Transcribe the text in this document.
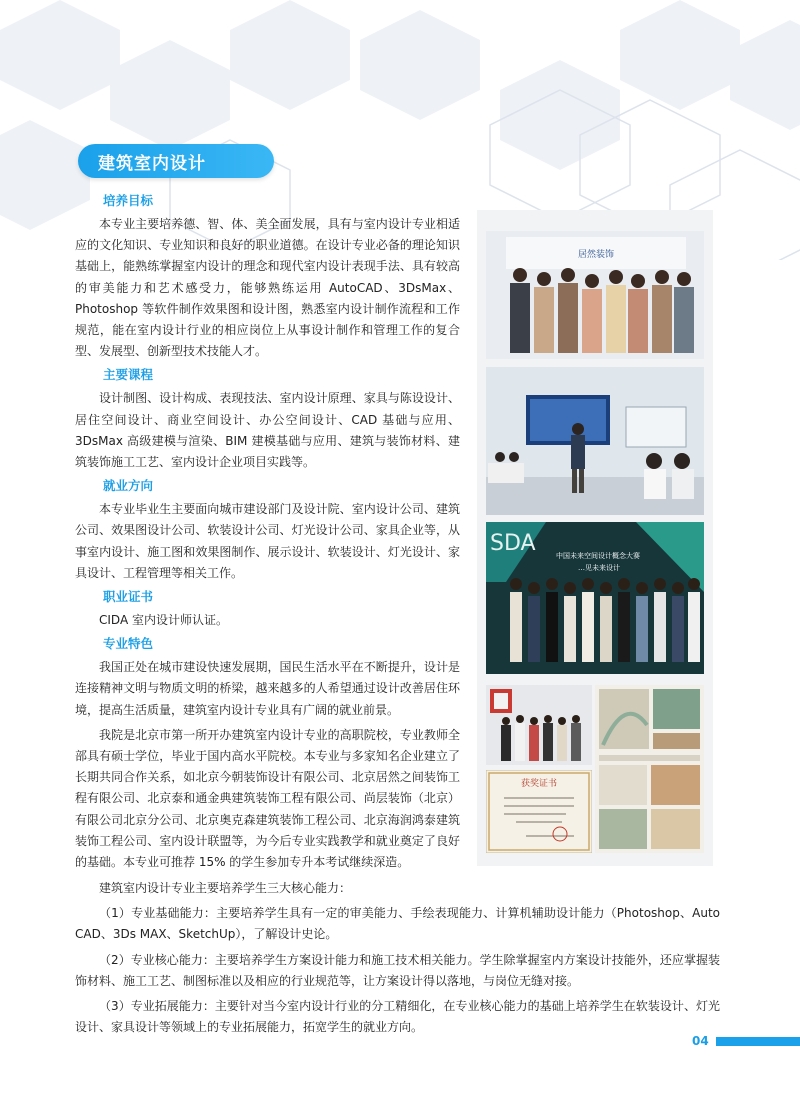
建筑室内设计
培养目标

本专业主要培养德、智、体、美全面发展，具有与室内设计专业相适应的文化知识、专业知识和良好的职业道德。在设计专业必备的理论知识基础上，能熟练掌握室内设计的理念和现代室内设计表现手法、具有较高的审美能力和艺术感受力，能够熟练运用 AutoCAD、3DsMax、Photoshop 等软件制作效果图和设计图，熟悉室内设计制作流程和工作规范，能在室内设计行业的相应岗位上从事设计制作和管理工作的复合型、发展型、创新型技术技能人才。

主要课程

设计制图、设计构成、表现技法、室内设计原理、家具与陈设设计、居住空间设计、商业空间设计、办公空间设计、CAD 基础与应用、3DsMax 高级建模与渲染、BIM 建模基础与应用、建筑与装饰材料、建筑装饰施工工艺、室内设计企业项目实践等。

就业方向

本专业毕业生主要面向城市建设部门及设计院、室内设计公司、建筑公司、效果图设计公司、软装设计公司、灯光设计公司、家具企业等，从事室内设计、施工图和效果图制作、展示设计、软装设计、灯光设计、家具设计、工程管理等相关工作。

职业证书

CIDA 室内设计师认证。

专业特色

我国正处在城市建设快速发展期，国民生活水平在不断提升，设计是连接精神文明与物质文明的桥梁，越来越多的人希望通过设计改善居住环境，提高生活质量，建筑室内设计专业具有广阔的就业前景。

我院是北京市第一所开办建筑室内设计专业的高职院校，专业教师全部具有硕士学位，毕业于国内高水平院校。本专业与多家知名企业建立了长期共同合作关系，如北京今朝装饰设计有限公司、北京居然之间装饰工程有限公司、北京泰和通金典建筑装饰工程有限公司、尚层装饰（北京）有限公司北京分公司、北京奥克森建筑装饰工程公司、北京海润鸿泰建筑装饰工程公司、室内设计联盟等，为今后专业实践教学和就业奠定了良好的基础。本专业可推荐 15% 的学生参加专升本考试继续深造。

居然装饰
SDA	中国未来空间设计概念大赛
…见未来设计
获奖证书

建筑室内设计专业主要培养学生三大核心能力：

（1）专业基础能力：主要培养学生具有一定的审美能力、手绘表现能力、计算机辅助设计能力（Photoshop、Auto CAD、3Ds MAX、SketchUp），了解设计史论。

（2）专业核心能力：主要培养学生方案设计能力和施工技术相关能力。学生除掌握室内方案设计技能外，还应掌握装饰材料、施工工艺、制图标准以及相应的行业规范等，让方案设计得以落地，与岗位无缝对接。

（3）专业拓展能力：主要针对当今室内设计行业的分工精细化，在专业核心能力的基础上培养学生在软装设计、灯光设计、家具设计等领域上的专业拓展能力，拓宽学生的就业方向。

04
